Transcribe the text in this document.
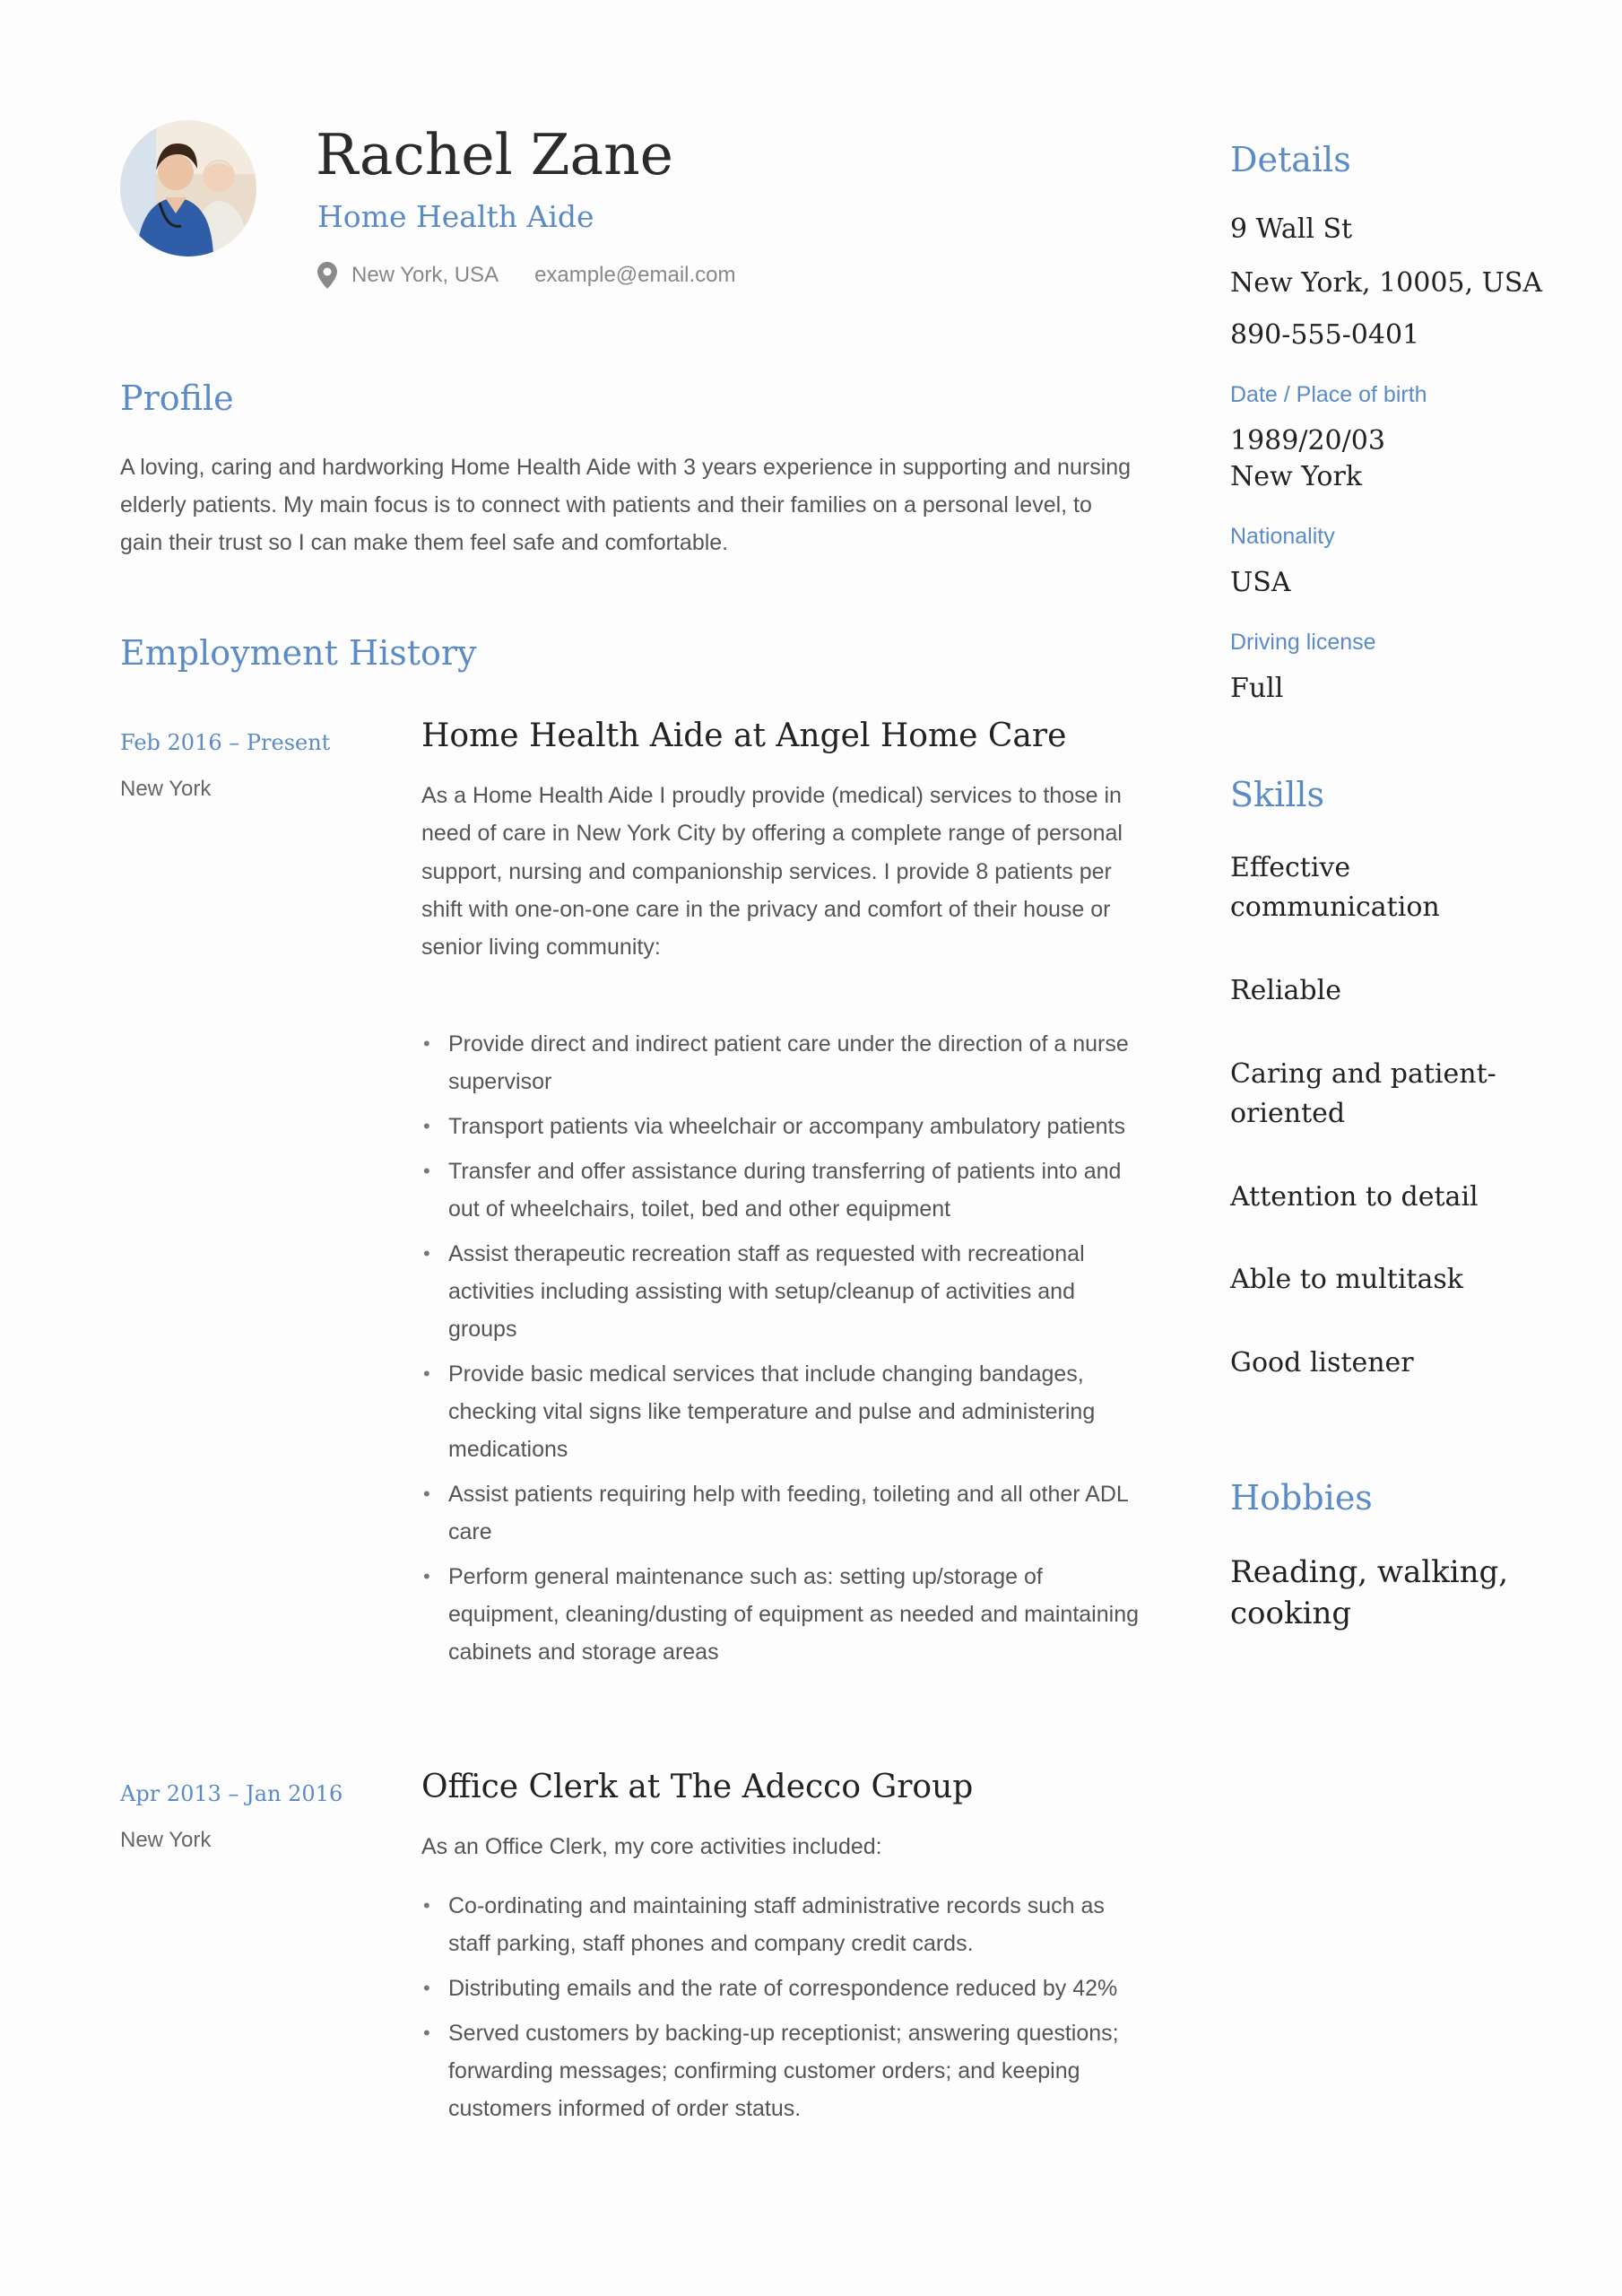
Rachel Zane
Home Health Aide
New York, USA example@email.com
Profile
A loving, caring and hardworking Home Health Aide with 3 years experience in supporting and nursing elderly patients. My main focus is to connect with patients and their families on a personal level, to gain their trust so I can make them feel safe and comfortable.
Employment History
Feb 2016 – Present
New York
Home Health Aide at Angel Home Care
As a Home Health Aide I proudly provide (medical) services to those in need of care in New York City by offering a complete range of personal support, nursing and companionship services. I provide 8 patients per shift with one-on-one care in the privacy and comfort of their house or senior living community:
• Provide direct and indirect patient care under the direction of a nurse supervisor
• Transport patients via wheelchair or accompany ambulatory patients
• Transfer and offer assistance during transferring of patients into and out of wheelchairs, toilet, bed and other equipment
• Assist therapeutic recreation staff as requested with recreational activities including assisting with setup/cleanup of activities and groups
• Provide basic medical services that include changing bandages, checking vital signs like temperature and pulse and administering medications
• Assist patients requiring help with feeding, toileting and all other ADL care
• Perform general maintenance such as: setting up/storage of equipment, cleaning/dusting of equipment as needed and maintaining cabinets and storage areas
Apr 2013 – Jan 2016
New York
Office Clerk at The Adecco Group
As an Office Clerk, my core activities included:
• Co-ordinating and maintaining staff administrative records such as staff parking, staff phones and company credit cards.
• Distributing emails and the rate of correspondence reduced by 42%
• Served customers by backing-up receptionist; answering questions; forwarding messages; confirming customer orders; and keeping customers informed of order status.
Details
9 Wall St
New York, 10005, USA
890-555-0401
Date / Place of birth
1989/20/03
New York
Nationality
USA
Driving license
Full
Skills
Effective communication
Reliable
Caring and patient-oriented
Attention to detail
Able to multitask
Good listener
Hobbies
Reading, walking, cooking
